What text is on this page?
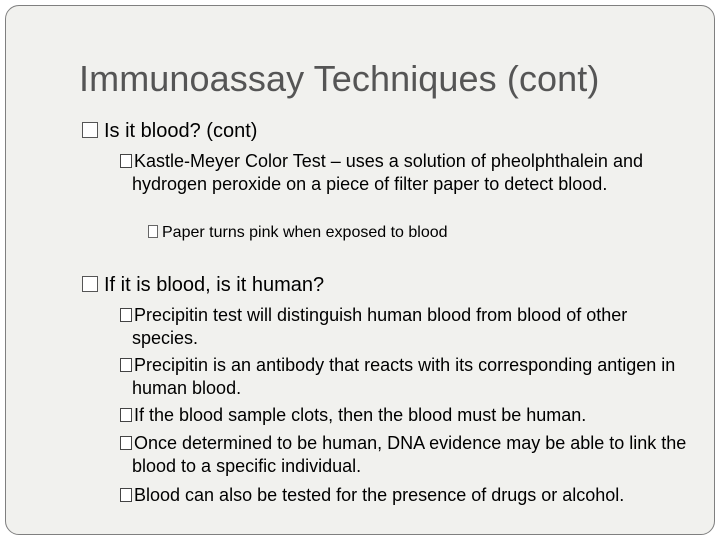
Immunoassay Techniques (cont)
Is it blood? (cont)
Kastle-Meyer Color Test – uses a solution of pheolphthalein and hydrogen peroxide on a piece of filter paper to detect blood.
Paper turns pink when exposed to blood
If it is blood, is it human?
Precipitin test will distinguish human blood from blood of other species.
Precipitin is an antibody that reacts with its corresponding antigen in human blood.
If the blood sample clots, then the blood must be human.
Once determined to be human, DNA evidence may be able to link the blood to a specific individual.
Blood can also be tested for the presence of drugs or alcohol.
